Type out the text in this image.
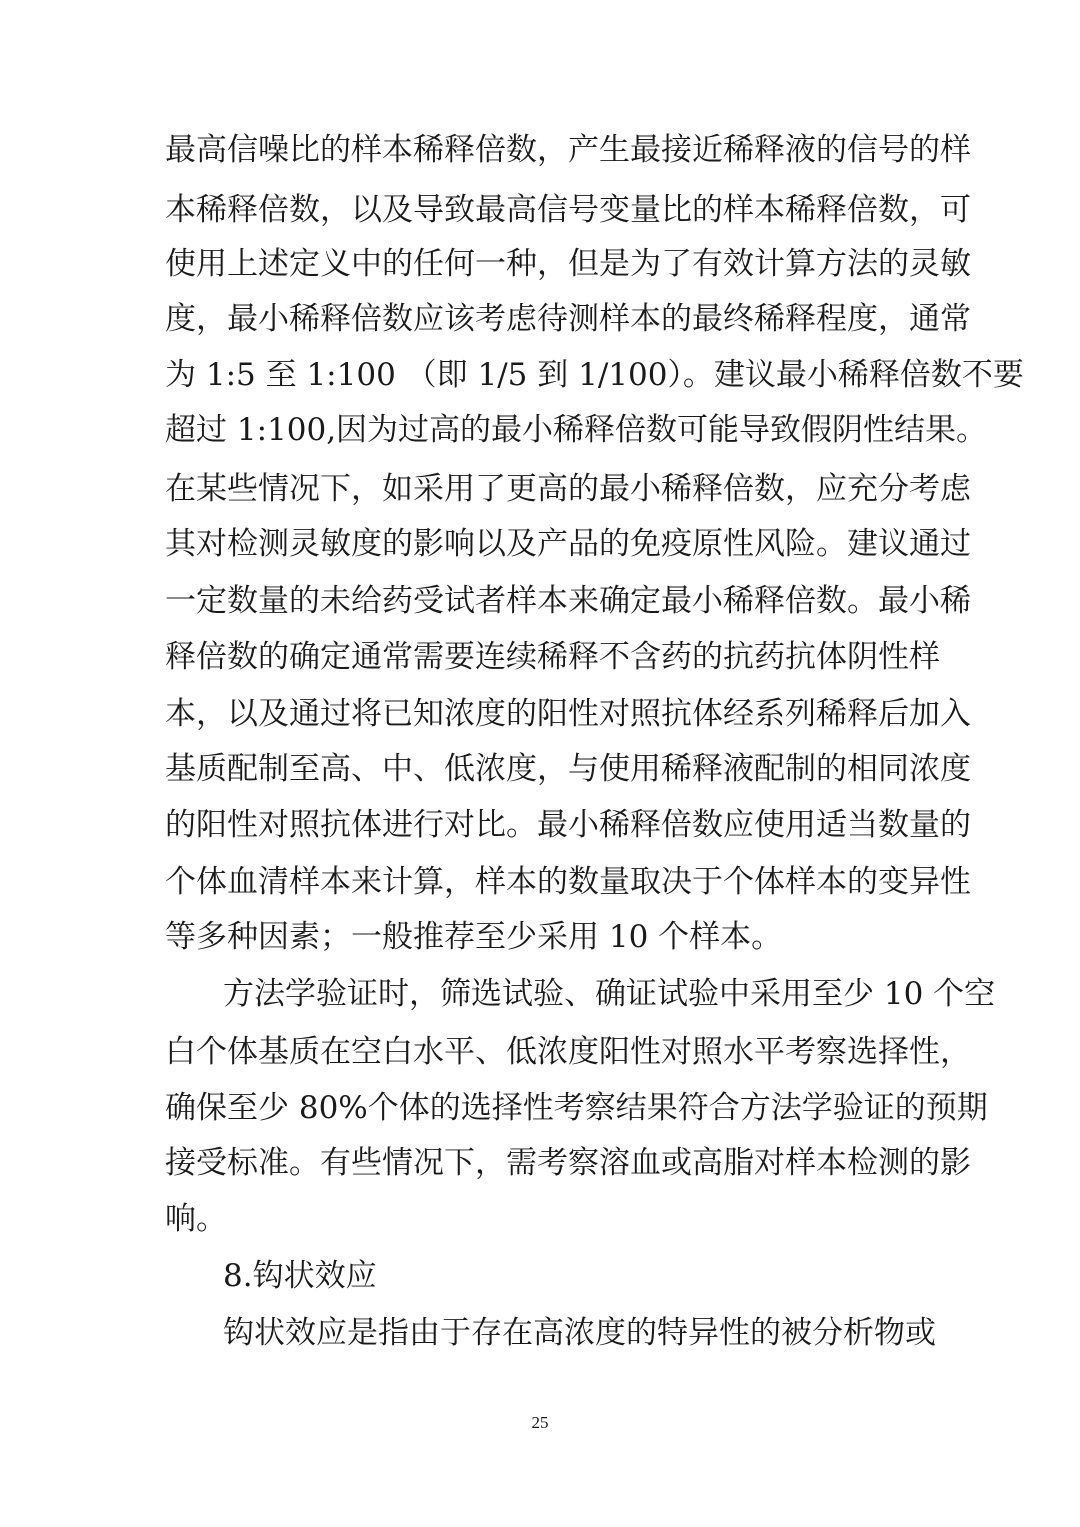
最高信噪比的样本稀释倍数，产生最接近稀释液的信号的样
本稀释倍数，以及导致最高信号变量比的样本稀释倍数，可
使用上述定义中的任何一种，但是为了有效计算方法的灵敏
度，最小稀释倍数应该考虑待测样本的最终稀释程度，通常
为 1:5 至 1:100 （即 1/5 到 1/100）。建议最小稀释倍数不要
超过 1:100,因为过高的最小稀释倍数可能导致假阴性结果。
在某些情况下，如采用了更高的最小稀释倍数，应充分考虑
其对检测灵敏度的影响以及产品的免疫原性风险。建议通过
一定数量的未给药受试者样本来确定最小稀释倍数。最小稀
释倍数的确定通常需要连续稀释不含药的抗药抗体阴性样
本，以及通过将已知浓度的阳性对照抗体经系列稀释后加入
基质配制至高、中、低浓度，与使用稀释液配制的相同浓度
的阳性对照抗体进行对比。最小稀释倍数应使用适当数量的
个体血清样本来计算，样本的数量取决于个体样本的变异性
等多种因素；一般推荐至少采用 10 个样本。
方法学验证时，筛选试验、确证试验中采用至少 10 个空
白个体基质在空白水平、低浓度阳性对照水平考察选择性，
确保至少 80%个体的选择性考察结果符合方法学验证的预期
接受标准。有些情况下，需考察溶血或高脂对样本检测的影
响。
8.钩状效应
钩状效应是指由于存在高浓度的特异性的被分析物或
25
